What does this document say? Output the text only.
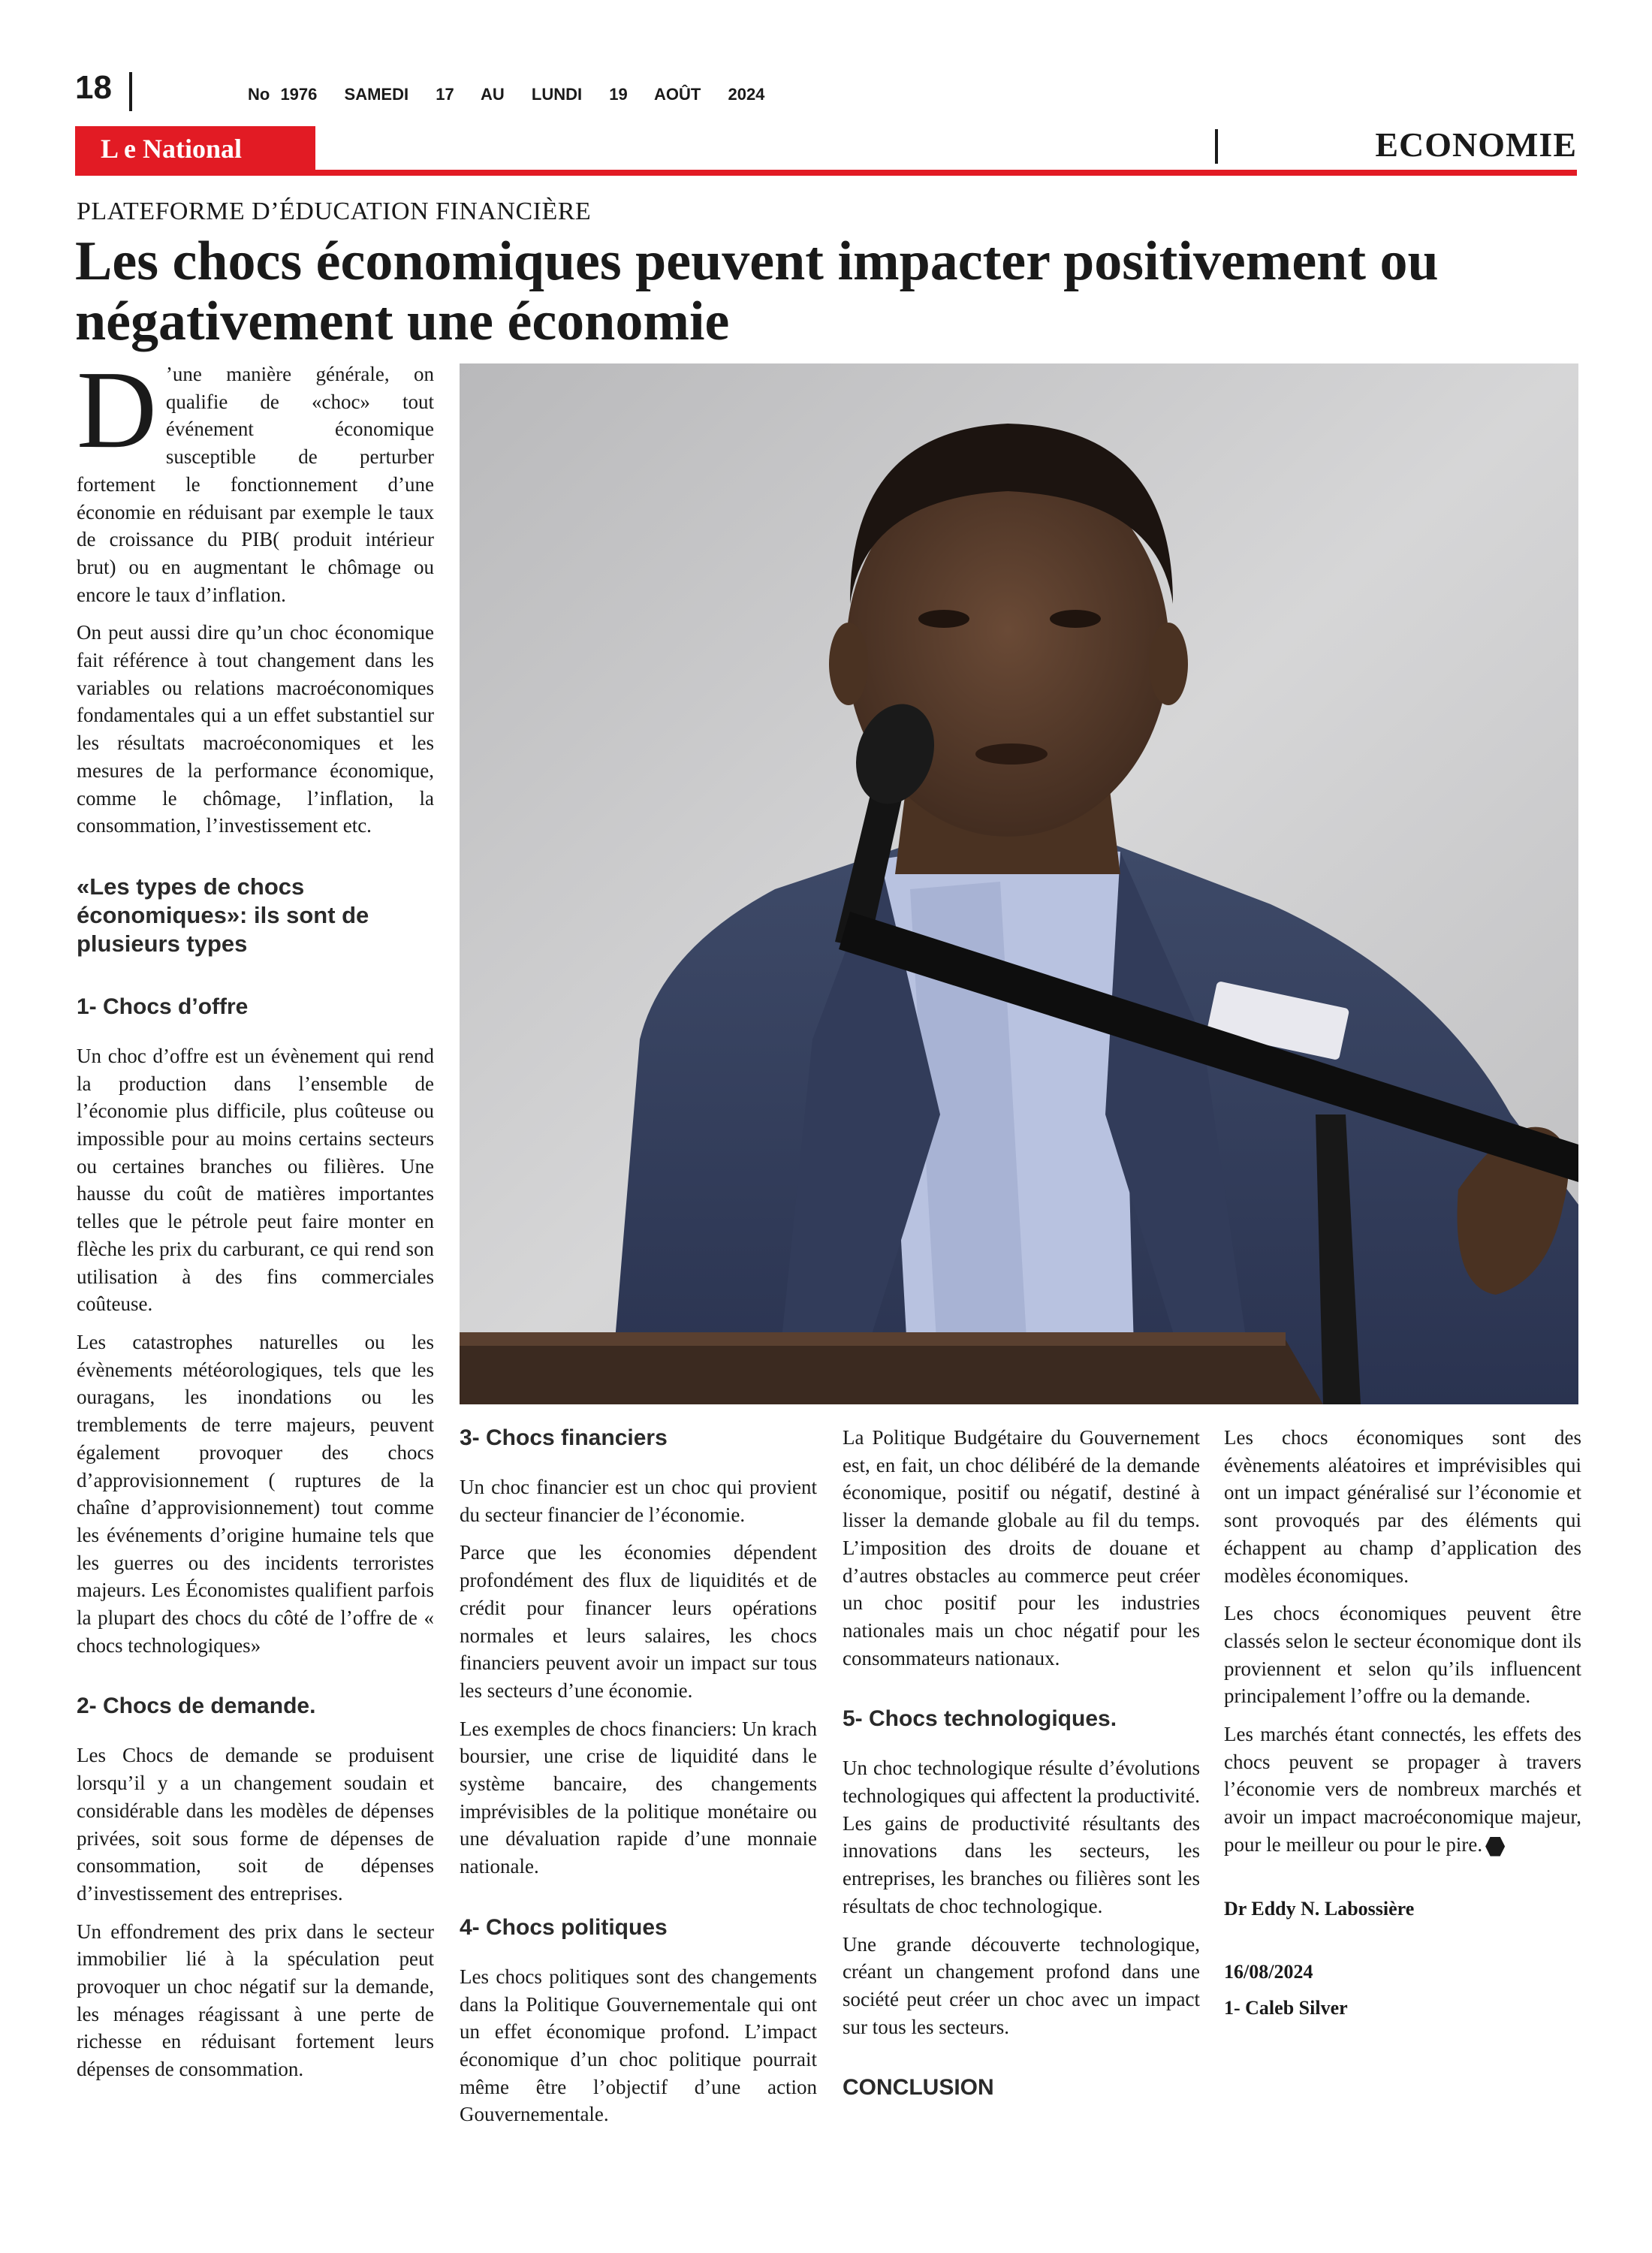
18	No 1976 SAMEDI 17 AU LUNDI 19 AOÛT 2024
L e National	ECONOMIE
PLATEFORME D’ÉDUCATION FINANCIÈRE
Les chocs économiques peuvent impacter positivement ou négativement une économie

D ’une manière générale, on qualifie de «choc» tout événement économique susceptible de perturber fortement le fonctionnement d’une économie en réduisant par exemple le taux de croissance du PIB( produit intérieur brut) ou en augmentant le chômage ou encore le taux d’inflation.

On peut aussi dire qu’un choc économique fait référence à tout changement dans les variables ou relations macroéconomiques fondamentales qui a un effet substantiel sur les résultats macroéconomiques et les mesures de la performance économique, comme le chômage, l’inflation, la consommation, l’investissement etc.

«Les types de chocs économiques»: ils sont de plusieurs types
1- Chocs d’offre

Un choc d’offre est un évènement qui rend la production dans l’ensemble de l’économie plus difficile, plus coûteuse ou impossible pour au moins certains secteurs ou certaines branches ou filières. Une hausse du coût de matières importantes telles que le pétrole peut faire monter en flèche les prix du carburant, ce qui rend son utilisation à des fins commerciales coûteuse.

Les catastrophes naturelles ou les évènements météorologiques, tels que les ouragans, les inondations ou les tremblements de terre majeurs, peuvent également provoquer des chocs d’approvisionnement ( ruptures de la chaîne d’approvisionnement) tout comme les événements d’origine humaine tels que les guerres ou des incidents terroristes majeurs. Les Économistes qualifient parfois la plupart des chocs du côté de l’offre de « chocs technologiques»

2- Chocs de demande.

Les Chocs de demande se produisent lorsqu’il y a un changement soudain et considérable dans les modèles de dépenses privées, soit sous forme de dépenses de consommation, soit de dépenses d’investissement des entreprises.

Un effondrement des prix dans le secteur immobilier lié à la spéculation peut provoquer un choc négatif sur la demande, les ménages réagissant à une perte de richesse en réduisant fortement leurs dépenses de consommation.

3- Chocs financiers

Un choc financier est un choc qui provient du secteur financier de l’économie.

Parce que les économies dépendent profondément des flux de liquidités et de crédit pour financer leurs opérations normales et leurs salaires, les chocs financiers peuvent avoir un impact sur tous les secteurs d’une économie.

Les exemples de chocs financiers: Un krach boursier, une crise de liquidité dans le système bancaire, des changements imprévisibles de la politique monétaire ou une dévaluation rapide d’une monnaie nationale.

4- Chocs politiques

Les chocs politiques sont des changements dans la Politique Gouvernementale qui ont un effet économique profond. L’impact économique d’un choc politique pourrait même être l’objectif d’une action Gouvernementale.

La Politique Budgétaire du Gouvernement est, en fait, un choc délibéré de la demande économique, positif ou négatif, destiné à lisser la demande globale au fil du temps. L’imposition des droits de douane et d’autres obstacles au commerce peut créer un choc positif pour les industries nationales mais un choc négatif pour les consommateurs nationaux.

5- Chocs technologiques.

Un choc technologique résulte d’évolutions technologiques qui affectent la productivité. Les gains de productivité résultants des innovations dans les secteurs, les entreprises, les branches ou filières sont les résultats de choc technologique.

Une grande découverte technologique, créant un changement profond dans une société peut créer un choc avec un impact sur tous les secteurs.

CONCLUSION

Les chocs économiques sont des évènements aléatoires et imprévisibles qui ont un impact généralisé sur l’économie et sont provoqués par des éléments qui échappent au champ d’application des modèles économiques.

Les chocs économiques peuvent être classés selon le secteur économique dont ils proviennent et selon qu’ils influencent principalement l’offre ou la demande.

Les marchés étant connectés, les effets des chocs peuvent se propager à travers l’économie vers de nombreux marchés et avoir un impact macroéconomique majeur, pour le meilleur ou pour le pire.

Dr Eddy N. Labossière

16/08/2024

1- Caleb Silver
